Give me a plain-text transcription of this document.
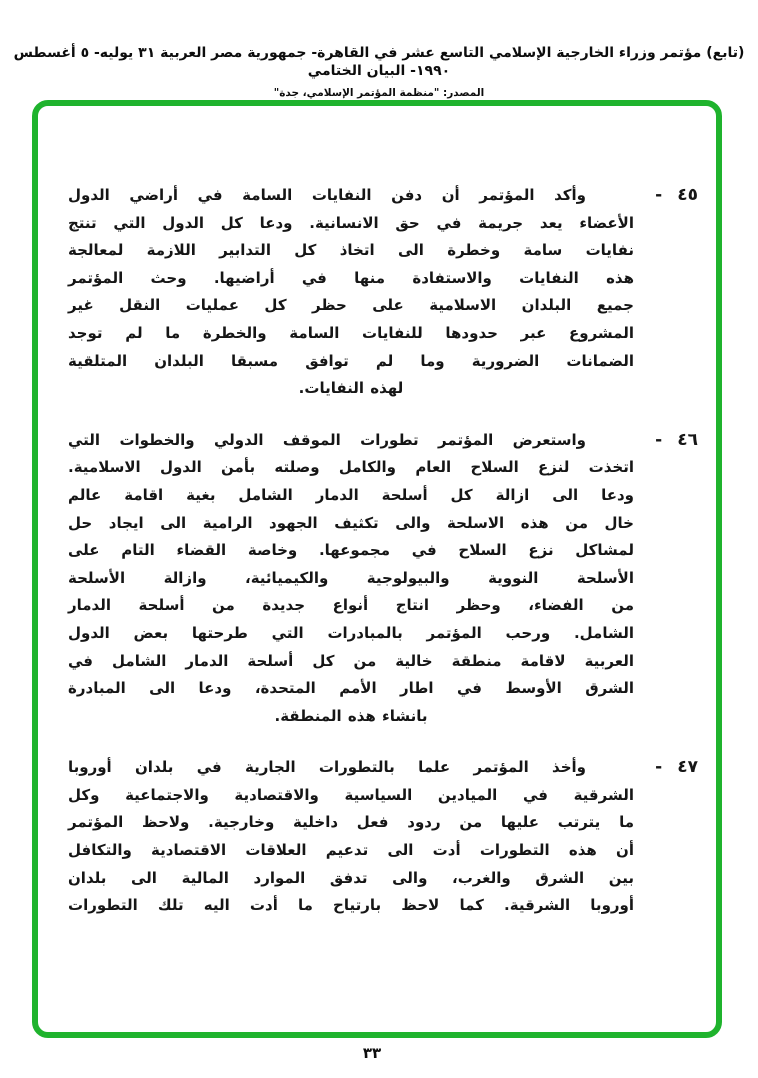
(تابع) مؤتمر وزراء الخارجية الإسلامي التاسع عشر في القاهرة- جمهورية مصر العربية ٣١ يوليه- ٥ أغسطس ١٩٩٠- البيان الختامي
المصدر: "منظمة المؤتمر الإسلامي، جدة"
٤٥
-
وأكد المؤتمر أن دفن النفايات السامة في أراضي الدول
الأعضاء يعد جريمة في حق الانسانية. ودعا كل الدول التي تنتج
نفايات سامة وخطرة الى اتخاذ كل التدابير اللازمة لمعالجة
هذه النفايات والاستفادة منها في أراضيها. وحث المؤتمر
جميع البلدان الاسلامية على حظر كل عمليات النقل غير
المشروع عبر حدودها للنفايات السامة والخطرة ما لم توجد
الضمانات الضرورية وما لم توافق مسبقا البلدان المتلقية
لهذه النفايات.
٤٦
-
واستعرض المؤتمر تطورات الموقف الدولي والخطوات التي
اتخذت لنزع السلاح العام والكامل وصلته بأمن الدول الاسلامية.
ودعا الى ازالة كل أسلحة الدمار الشامل بغية اقامة عالم
خال من هذه الاسلحة والى تكثيف الجهود الرامية الى ايجاد حل
لمشاكل نزع السلاح في مجموعها. وخاصة القضاء التام على
الأسلحة النووية والبيولوجية والكيميائية، وازالة الأسلحة
من الفضاء، وحظر انتاج أنواع جديدة من أسلحة الدمار
الشامل. ورحب المؤتمر بالمبادرات التي طرحتها بعض الدول
العربية لاقامة منطقة خالية من كل أسلحة الدمار الشامل في
الشرق الأوسط في اطار الأمم المتحدة، ودعا الى المبادرة
بانشاء هذه المنطقة.
٤٧
-
وأخذ المؤتمر علما بالتطورات الجارية في بلدان أوروبا
الشرقية في الميادين السياسية والاقتصادية والاجتماعية وكل
ما يترتب عليها من ردود فعل داخلية وخارجية. ولاحظ المؤتمر
أن هذه التطورات أدت الى تدعيم العلاقات الاقتصادية والتكافل
بين الشرق والغرب، والى تدفق الموارد المالية الى بلدان
أوروبا الشرقية. كما لاحظ بارتياح ما أدت اليه تلك التطورات
٣٣
